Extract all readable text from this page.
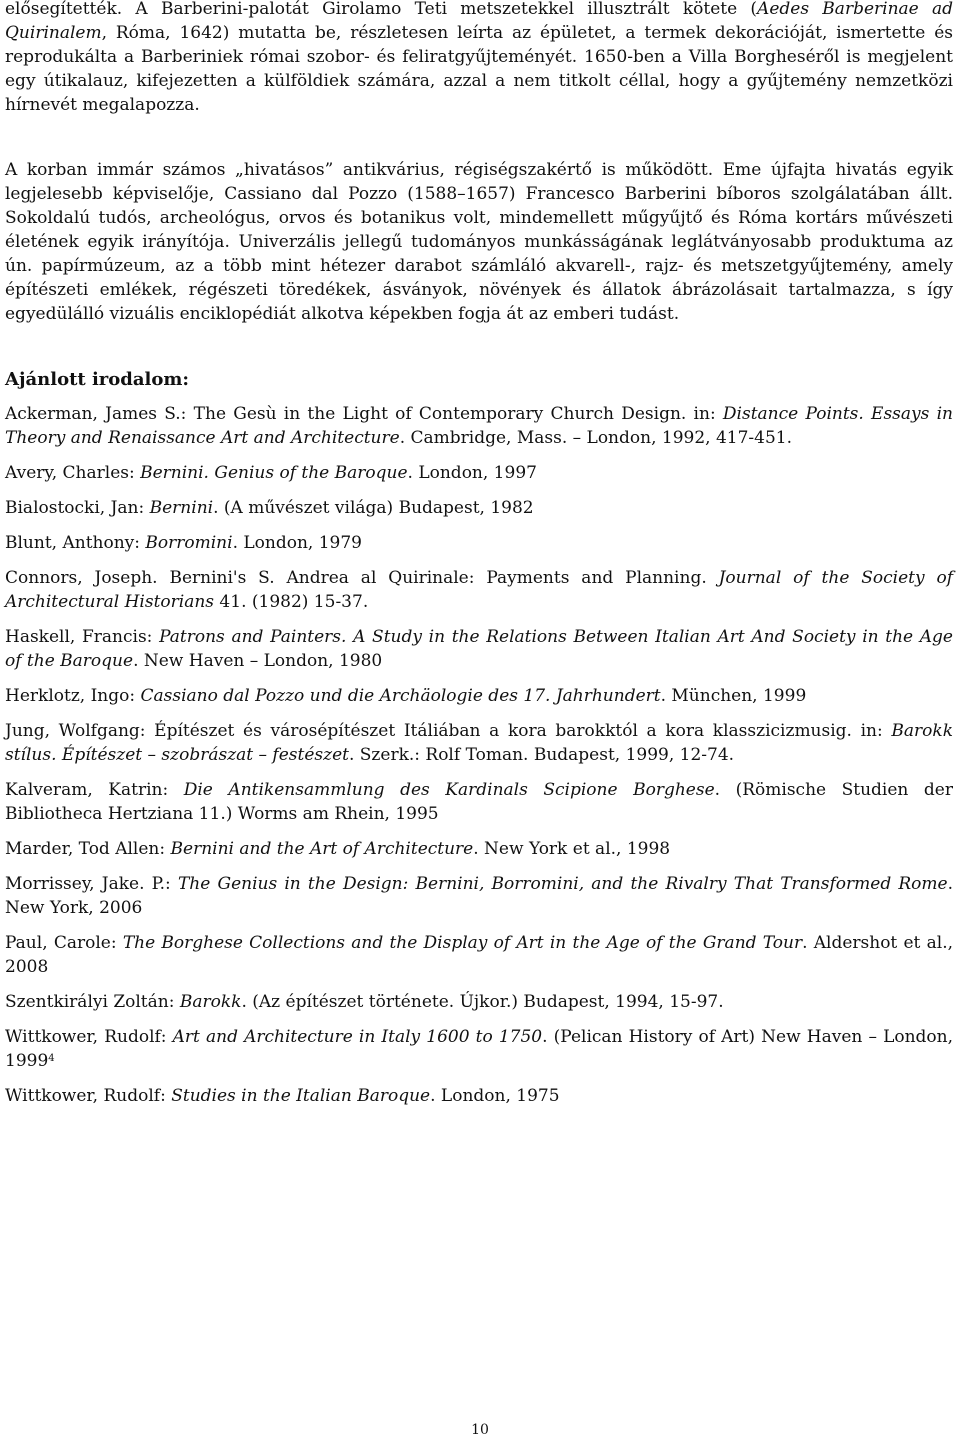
elősegítették. A Barberini-palotát Girolamo Teti metszetekkel illusztrált kötete (Aedes Barberinae ad Quirinalem, Róma, 1642) mutatta be, részletesen leírta az épületet, a termek dekorációját, ismertette és reprodukálta a Barberiniek római szobor- és feliratgyűjteményét. 1650-ben a Villa Borgheséről is megjelent egy útikalauz, kifejezetten a külföldiek számára, azzal a nem titkolt céllal, hogy a gyűjtemény nemzetközi hírnevét megalapozza.

A korban immár számos „hivatásos” antikvárius, régiségszakértő is működött. Eme újfajta hivatás egyik legjelesebb képviselője, Cassiano dal Pozzo (1588–1657) Francesco Barberini bíboros szolgálatában állt. Sokoldalú tudós, archeológus, orvos és botanikus volt, mindemellett műgyűjtő és Róma kortárs művészeti életének egyik irányítója. Univerzális jellegű tudományos munkásságának leglátványosabb produktuma az ún. papírmúzeum, az a több mint hétezer darabot számláló akvarell-, rajz- és metszetgyűjtemény, amely építészeti emlékek, régészeti töredékek, ásványok, növények és állatok ábrázolásait tartalmazza, s így egyedülálló vizuális enciklopédiát alkotva képekben fogja át az emberi tudást.

Ajánlott irodalom:

Ackerman, James S.: The Gesù in the Light of Contemporary Church Design. in: Distance Points. Essays in Theory and Renaissance Art and Architecture. Cambridge, Mass. – London, 1992, 417-451.

Avery, Charles: Bernini. Genius of the Baroque. London, 1997

Bialostocki, Jan: Bernini. (A művészet világa) Budapest, 1982

Blunt, Anthony: Borromini. London, 1979

Connors, Joseph. Bernini's S. Andrea al Quirinale: Payments and Planning. Journal of the Society of Architectural Historians 41. (1982) 15-37.

Haskell, Francis: Patrons and Painters. A Study in the Relations Between Italian Art And Society in the Age of the Baroque. New Haven – London, 1980

Herklotz, Ingo: Cassiano dal Pozzo und die Archäologie des 17. Jahrhundert. München, 1999

Jung, Wolfgang: Építészet és városépítészet Itáliában a kora barokktól a kora klasszicizmusig. in: Barokk stílus. Építészet – szobrászat – festészet. Szerk.: Rolf Toman. Budapest, 1999, 12-74.

Kalveram, Katrin: Die Antikensammlung des Kardinals Scipione Borghese. (Römische Studien der Bibliotheca Hertziana 11.) Worms am Rhein, 1995

Marder, Tod Allen: Bernini and the Art of Architecture. New York et al., 1998

Morrissey, Jake. P.: The Genius in the Design: Bernini, Borromini, and the Rivalry That Transformed Rome. New York, 2006

Paul, Carole: The Borghese Collections and the Display of Art in the Age of the Grand Tour. Aldershot et al., 2008

Szentkirályi Zoltán: Barokk. (Az építészet története. Újkor.) Budapest, 1994, 15-97.

Wittkower, Rudolf: Art and Architecture in Italy 1600 to 1750. (Pelican History of Art) New Haven – London, 1999$^4$

Wittkower, Rudolf: Studies in the Italian Baroque. London, 1975

10
